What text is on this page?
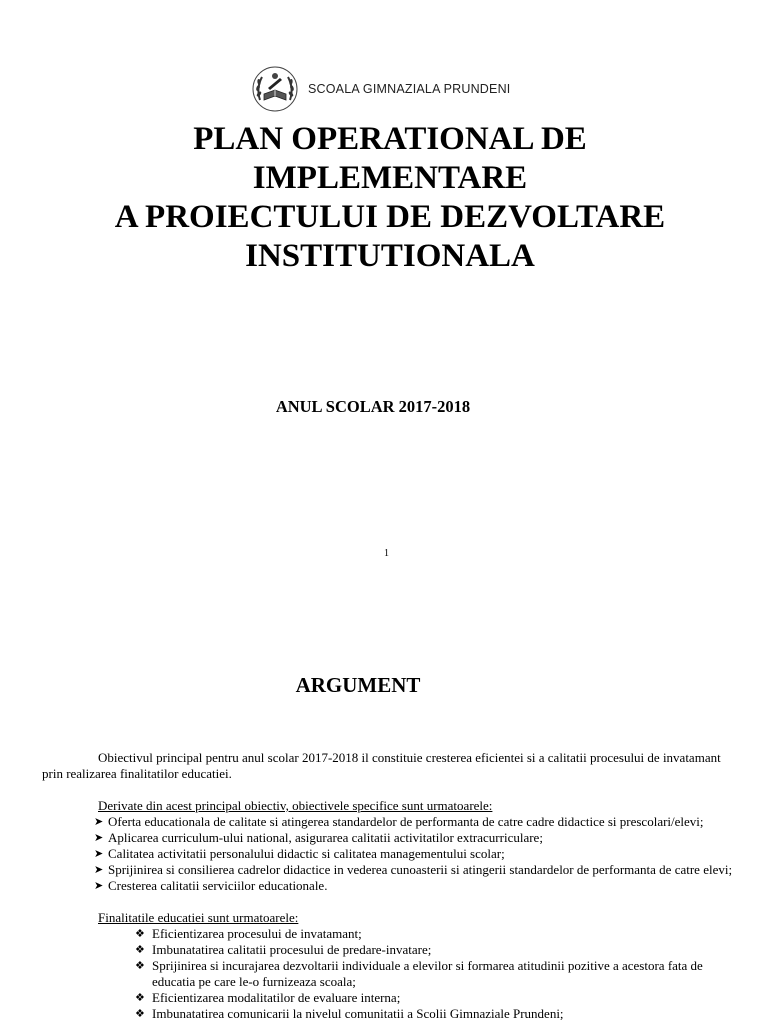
SCOALA GIMNAZIALA PRUNDENI
PLAN OPERATIONAL DE
IMPLEMENTARE
A PROIECTULUI DE DEZVOLTARE
INSTITUTIONALA
ANUL SCOLAR 2017-2018
1
ARGUMENT

Obiectivul principal pentru anul scolar 2017-2018 il constituie cresterea eficientei si a calitatii procesului de invatamant prin realizarea finalitatilor educatiei.

Derivate din acest principal obiectiv, obiectivele specifice sunt urmatoarele:

➤ Oferta educationala de calitate si atingerea standardelor de performanta de catre cadre didactice si prescolari/elevi;
➤ Aplicarea curriculum-ului national, asigurarea calitatii activitatilor extracurriculare;
➤ Calitatea activitatii personalului didactic si calitatea managementului scolar;
➤ Sprijinirea si consilierea cadrelor didactice in vederea cunoasterii si atingerii standardelor de performanta de catre elevi;
➤ Cresterea calitatii serviciilor educationale.

Finalitatile educatiei sunt urmatoarele:

❖ Eficientizarea procesului de invatamant;
❖ Imbunatatirea calitatii procesului de predare-invatare;
❖ Sprijinirea si incurajarea dezvoltarii individuale a elevilor si formarea atitudinii pozitive a acestora fata de educatia pe care le-o furnizeaza scoala;
❖ Eficientizarea modalitatilor de evaluare interna;
❖ Imbunatatirea comunicarii la nivelul comunitatii a Scolii Gimnaziale Prundeni;
